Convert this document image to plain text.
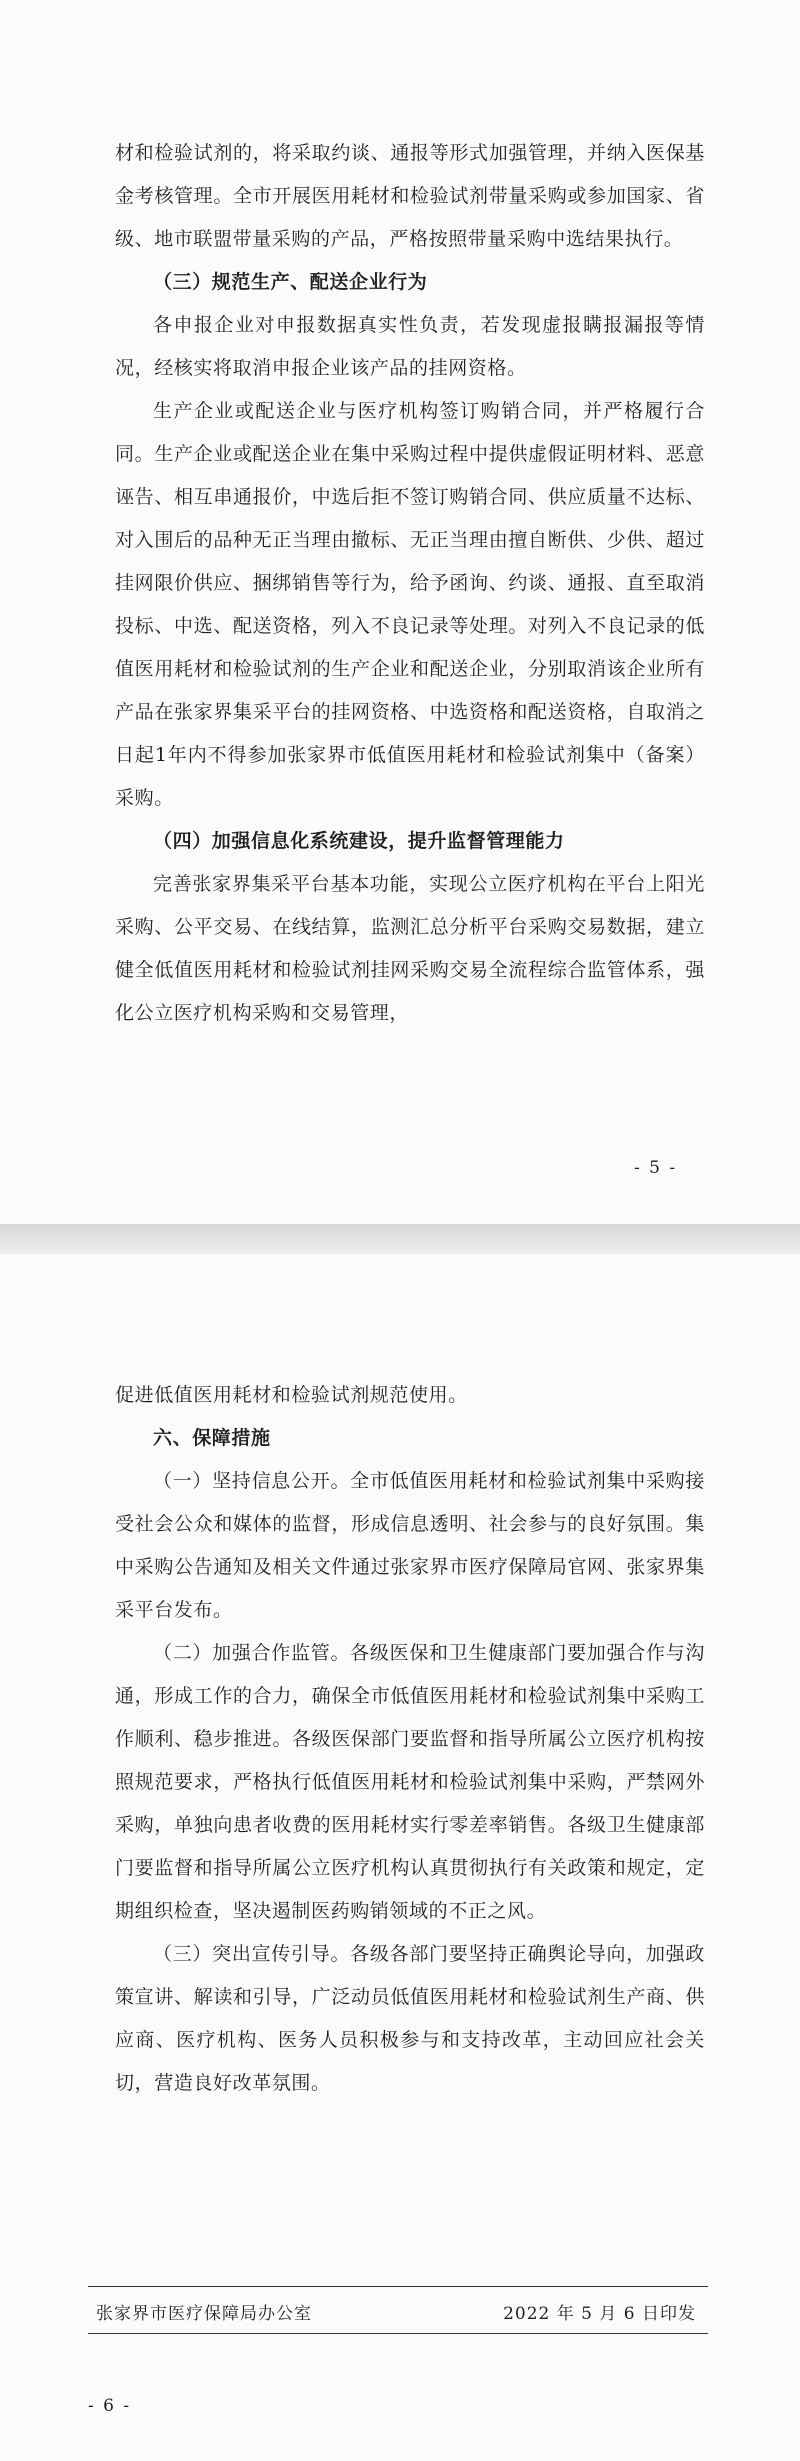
材和检验试剂的，将采取约谈、通报等形式加强管理，并纳入医保基金考核管理。全市开展医用耗材和检验试剂带量采购或参加国家、省级、地市联盟带量采购的产品，严格按照带量采购中选结果执行。

（三）规范生产、配送企业行为

各申报企业对申报数据真实性负责，若发现虚报瞒报漏报等情况，经核实将取消申报企业该产品的挂网资格。

生产企业或配送企业与医疗机构签订购销合同，并严格履行合同。生产企业或配送企业在集中采购过程中提供虚假证明材料、恶意诬告、相互串通报价，中选后拒不签订购销合同、供应质量不达标、对入围后的品种无正当理由撤标、无正当理由擅自断供、少供、超过挂网限价供应、捆绑销售等行为，给予函询、约谈、通报、直至取消投标、中选、配送资格，列入不良记录等处理。对列入不良记录的低值医用耗材和检验试剂的生产企业和配送企业，分别取消该企业所有产品在张家界集采平台的挂网资格、中选资格和配送资格，自取消之日起1年内不得参加张家界市低值医用耗材和检验试剂集中（备案）采购。

（四）加强信息化系统建设，提升监督管理能力

完善张家界集采平台基本功能，实现公立医疗机构在平台上阳光采购、公平交易、在线结算，监测汇总分析平台采购交易数据，建立健全低值医用耗材和检验试剂挂网采购交易全流程综合监管体系，强化公立医疗机构采购和交易管理，

- 5 -

促进低值医用耗材和检验试剂规范使用。

六、保障措施

（一）坚持信息公开。全市低值医用耗材和检验试剂集中采购接受社会公众和媒体的监督，形成信息透明、社会参与的良好氛围。集中采购公告通知及相关文件通过张家界市医疗保障局官网、张家界集采平台发布。

（二）加强合作监管。各级医保和卫生健康部门要加强合作与沟通，形成工作的合力，确保全市低值医用耗材和检验试剂集中采购工作顺利、稳步推进。各级医保部门要监督和指导所属公立医疗机构按照规范要求，严格执行低值医用耗材和检验试剂集中采购，严禁网外采购，单独向患者收费的医用耗材实行零差率销售。各级卫生健康部门要监督和指导所属公立医疗机构认真贯彻执行有关政策和规定，定期组织检查，坚决遏制医药购销领域的不正之风。

（三）突出宣传引导。各级各部门要坚持正确舆论导向，加强政策宣讲、解读和引导，广泛动员低值医用耗材和检验试剂生产商、供应商、医疗机构、医务人员积极参与和支持改革，主动回应社会关切，营造良好改革氛围。

张家界市医疗保障局办公室	2022 年 5 月 6 日印发
- 6 -
